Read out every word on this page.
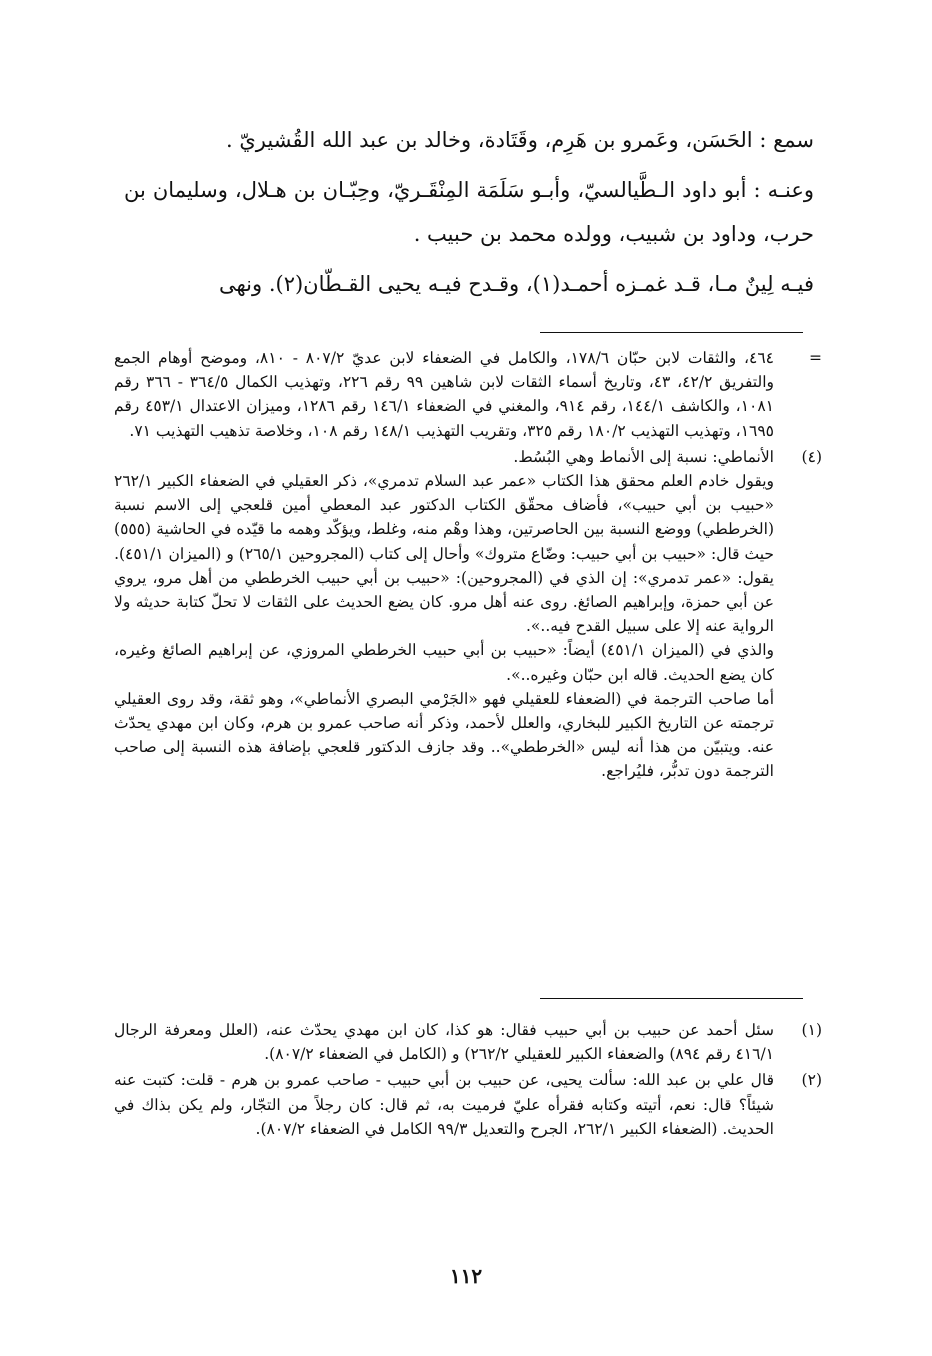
سمع : الحَسَن، وعَمرو بن هَرِم، وقَتَادة، وخالد بن عبد الله القُشيريّ .

وعنـه : أبو داود الـطَّيالسيّ، وأبـو سَلَمَة المِنْقَـريّ، وحِبّـان بن هـلال، وسليمان بن حرب، وداود بن شبيب، وولده محمد بن حبيب .

فيـه لِينٌ مـا، قـد غمـزه أحمـد(١)، وقـدح فيـه يحيى القـطّان(٢). ونهى

=
٤٦٤، والثقات لابن حبّان ١٧٨/٦، والكامل في الضعفاء لابن عديّ ٨٠٧/٢ - ٨١٠، وموضح أوهام الجمع والتفريق ٤٢/٢، ٤٣، وتاريخ أسماء الثقات لابن شاهين ٩٩ رقم ٢٢٦، وتهذيب الكمال ٣٦٤/٥ - ٣٦٦ رقم ١٠٨١، والكاشف ١٤٤/١، رقم ٩١٤، والمغني في الضعفاء ١٤٦/١ رقم ١٢٨٦، وميزان الاعتدال ٤٥٣/١ رقم ١٦٩٥، وتهذيب التهذيب ١٨٠/٢ رقم ٣٢٥، وتقريب التهذيب ١٤٨/١ رقم ١٠٨، وخلاصة تذهيب التهذيب ٧١.
(٤)
الأنماطي: نسبة إلى الأنماط وهي البُسُط.
ويقول خادم العلم محقق هذا الكتاب «عمر عبد السلام تدمري»، ذكر العقيلي في الضعفاء الكبير ٢٦٢/١ «حبيب بن أبي حبيب»، فأضاف محقّق الكتاب الدكتور عبد المعطي أمين قلعجي إلى الاسم نسبة (الخرططي) ووضع النسبة بين الحاصرتين، وهذا وهْم منه، وغلط، ويؤكّد وهمه ما قيّده في الحاشية (٥٥٥) حيث قال: «حبيب بن أبي حبيب: وضّاع متروك» وأحال إلى كتاب (المجروحين ٢٦٥/١) و (الميزان ٤٥١/١).
يقول: «عمر تدمري»: إن الذي في (المجروحين): «حبيب بن أبي حبيب الخرططي من أهل مرو، يروي عن أبي حمزة، وإبراهيم الصائغ. روى عنه أهل مرو. كان يضع الحديث على الثقات لا تحلّ كتابة حديثه ولا الرواية عنه إلا على سبيل القدح فيه..».
والذي في (الميزان ٤٥١/١) أيضاً: «حبيب بن أبي حبيب الخرططي المروزي، عن إبراهيم الصائغ وغيره، كان يضع الحديث. قاله ابن حبّان وغيره..».
أما صاحب الترجمة في (الضعفاء للعقيلي فهو «الجَرْمي البصري الأنماطي»، وهو ثقة، وقد روى العقيلي ترجمته عن التاريخ الكبير للبخاري، والعلل لأحمد، وذكر أنه صاحب عمرو بن هرم، وكان ابن مهدي يحدّث عنه. ويتبيّن من هذا أنه ليس «الخرططي».. وقد جازف الدكتور قلعجي بإضافة هذه النسبة إلى صاحب الترجمة دون تدبُّر، فليُراجع.
(١)
سئل أحمد عن حبيب بن أبي حبيب فقال: هو كذا، كان ابن مهدي يحدّث عنه، (العلل ومعرفة الرجال ٤١٦/١ رقم ٨٩٤) والضعفاء الكبير للعقيلي ٢٦٢/٢) و (الكامل في الضعفاء ٨٠٧/٢).
(٢)
قال علي بن عبد الله: سألت يحيى، عن حبيب بن أبي حبيب - صاحب عمرو بن هرم - قلت: كتبت عنه شيئاً؟ قال: نعم، أتيته وكتابه فقرأه عليّ فرميت به، ثم قال: كان رجلاً من التجّار، ولم يكن بذاك في الحديث. (الضعفاء الكبير ٢٦٢/١، الجرح والتعديل ٩٩/٣ الكامل في الضعفاء ٨٠٧/٢).
١١٢
